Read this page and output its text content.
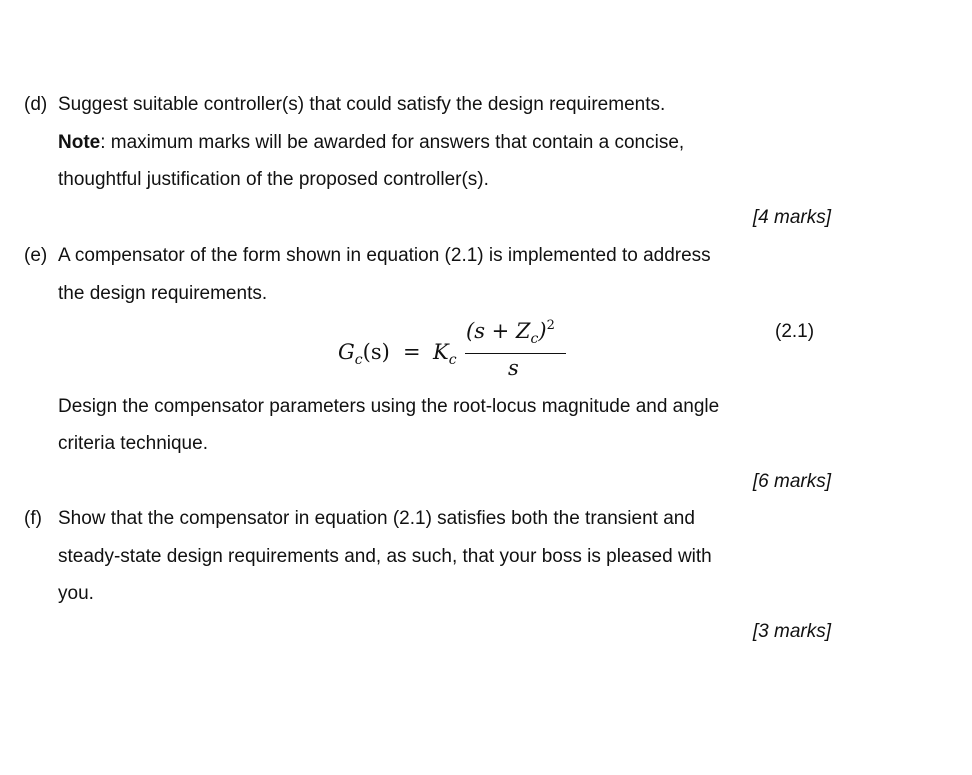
(d) Suggest suitable controller(s) that could satisfy the design requirements.
Note: maximum marks will be awarded for answers that contain a concise,
thoughtful justification of the proposed controller(s).
[4 marks]
(e) A compensator of the form shown in equation (2.1) is implemented to address
the design requirements.
$G_c(s) = K_c$
$(s + Z_c)^2$
s
(2.1)
Design the compensator parameters using the root-locus magnitude and angle
criteria technique.
[6 marks]
(f) Show that the compensator in equation (2.1) satisfies both the transient and
steady-state design requirements and, as such, that your boss is pleased with
you.
[3 marks]
